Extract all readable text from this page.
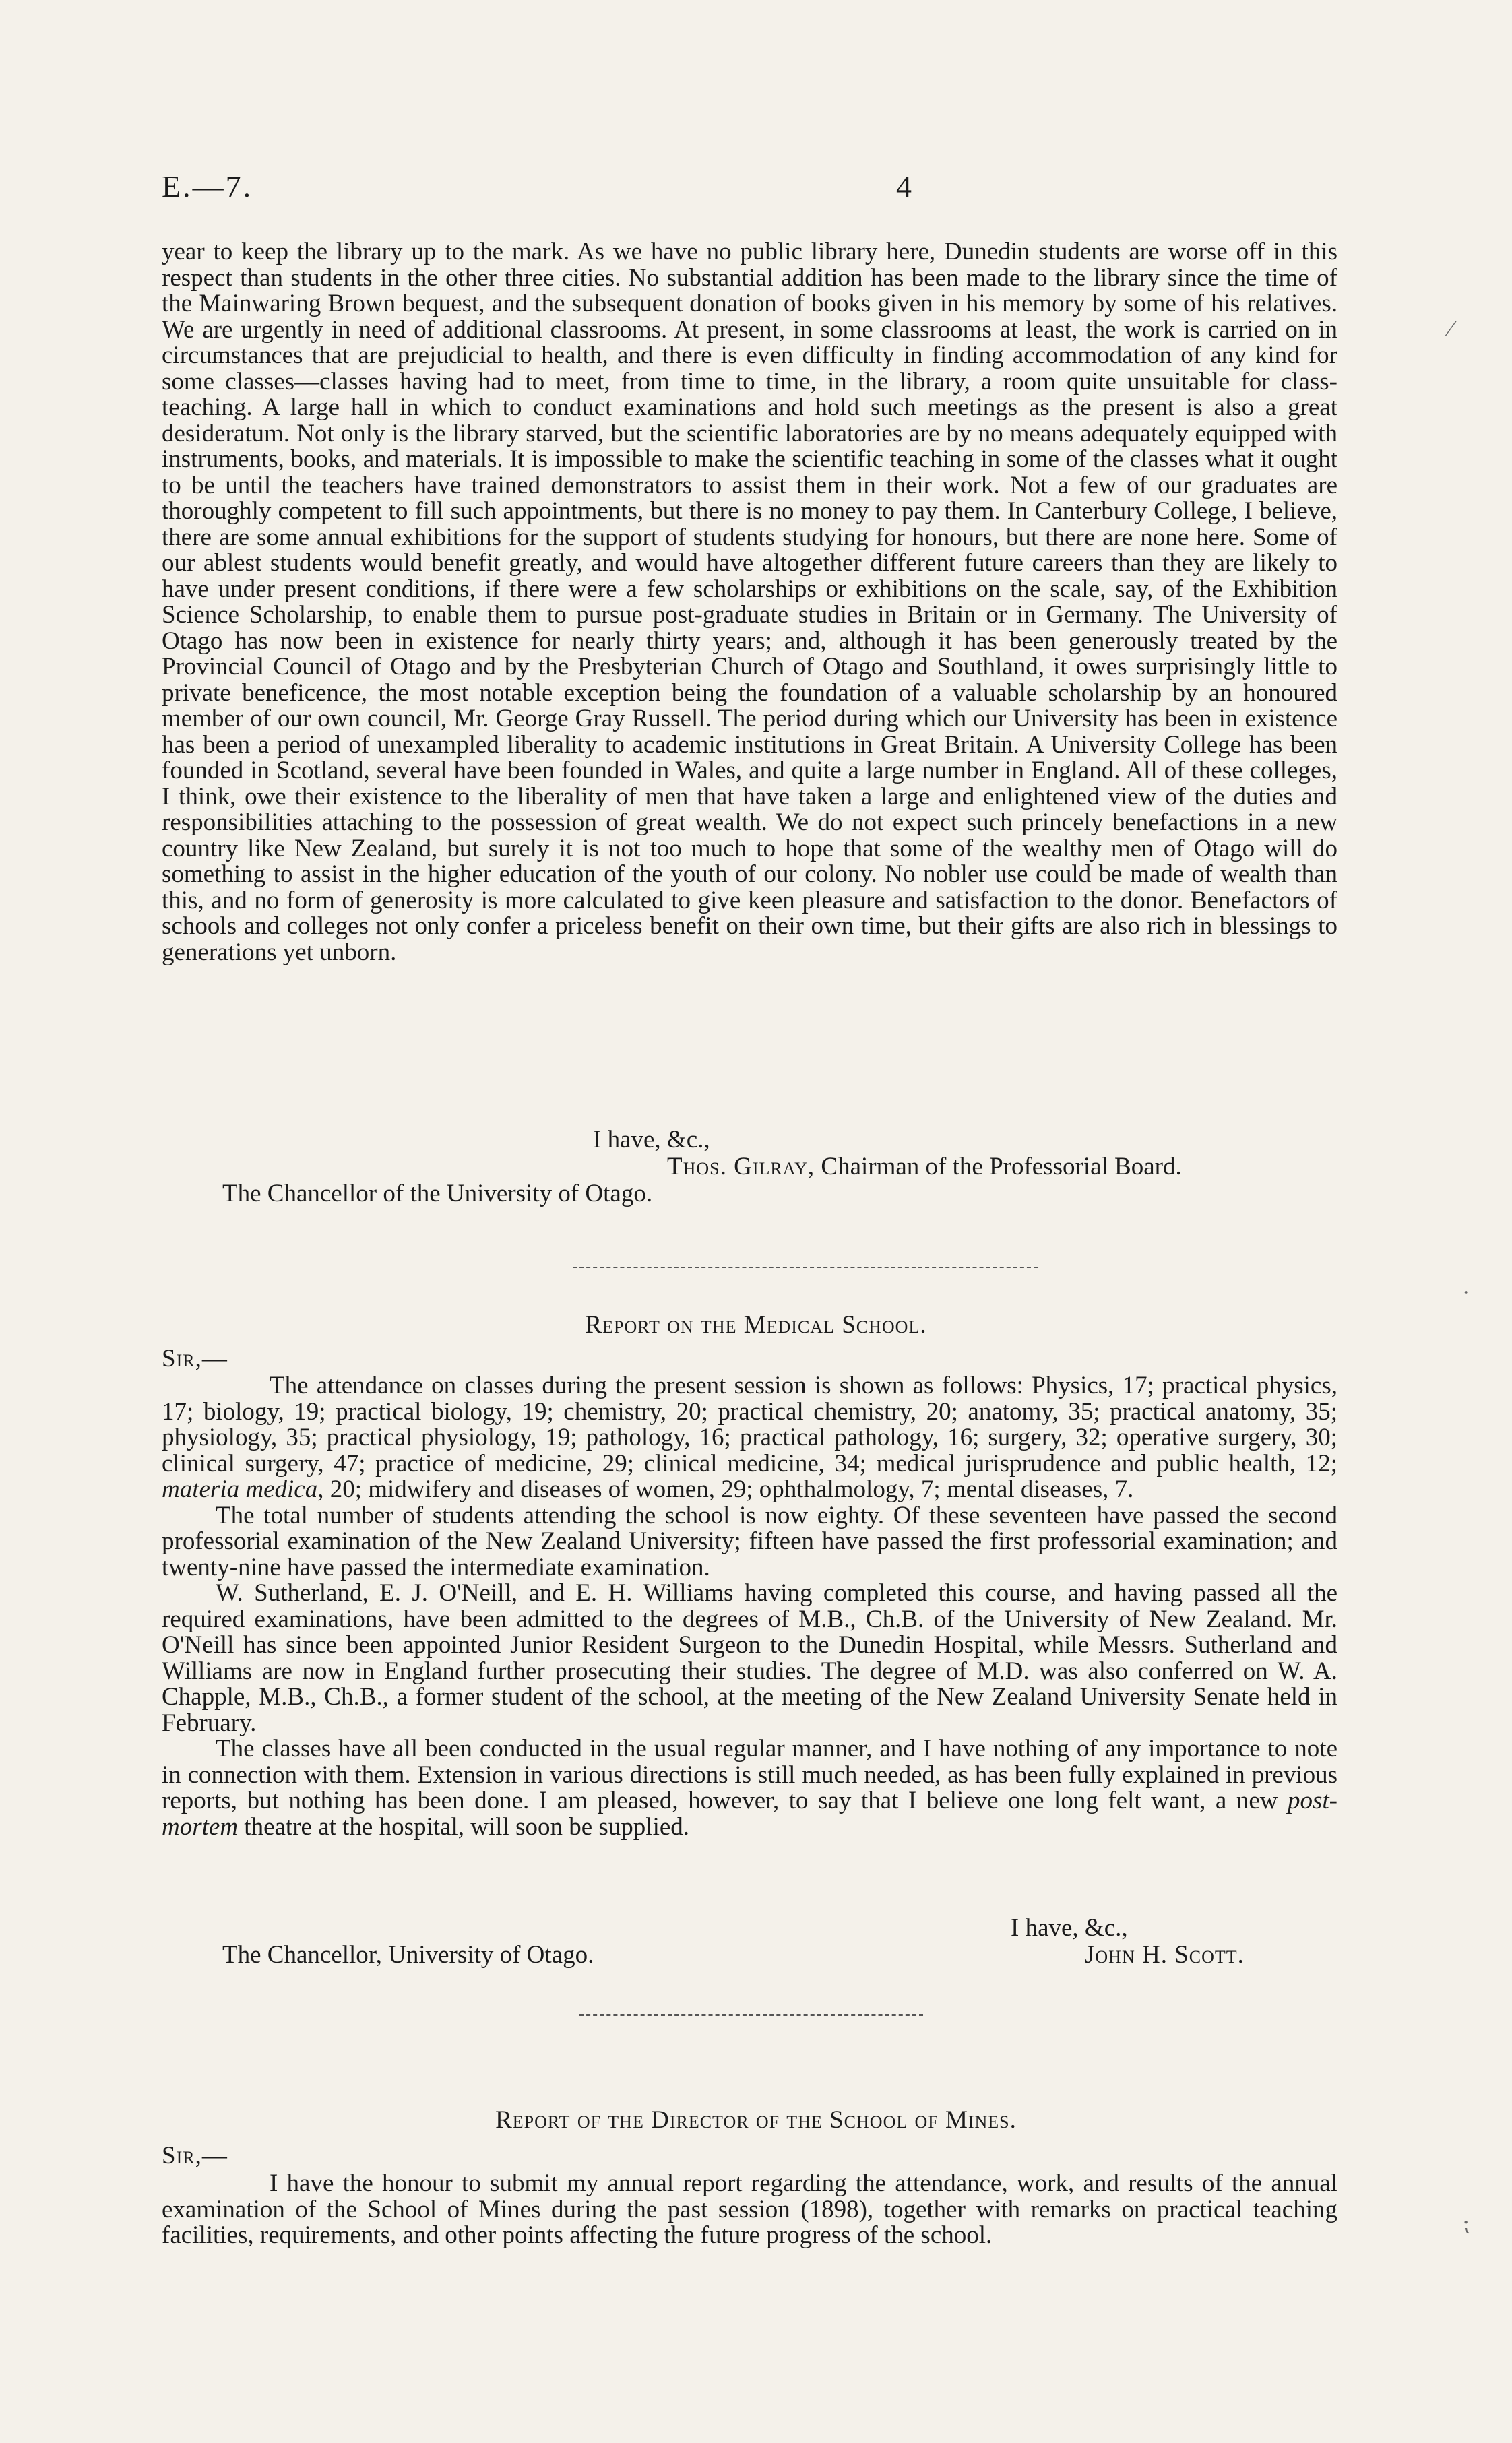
E.—7.	4

year to keep the library up to the mark. As we have no public library here, Dunedin students are worse off in this respect than students in the other three cities. No substantial addition has been made to the library since the time of the Mainwaring Brown bequest, and the subsequent donation of books given in his memory by some of his relatives. We are urgently in need of additional classrooms. At present, in some classrooms at least, the work is carried on in circumstances that are prejudicial to health, and there is even difficulty in finding accommodation of any kind for some classes—classes having had to meet, from time to time, in the library, a room quite unsuitable for class-teaching. A large hall in which to conduct examinations and hold such meetings as the present is also a great desideratum. Not only is the library starved, but the scientific laboratories are by no means adequately equipped with instruments, books, and materials. It is impossible to make the scientific teaching in some of the classes what it ought to be until the teachers have trained demonstrators to assist them in their work. Not a few of our graduates are thoroughly competent to fill such appointments, but there is no money to pay them. In Canterbury College, I believe, there are some annual exhibitions for the support of students studying for honours, but there are none here. Some of our ablest students would benefit greatly, and would have altogether different future careers than they are likely to have under present conditions, if there were a few scholarships or exhibitions on the scale, say, of the Exhibition Science Scholarship, to enable them to pursue post-graduate studies in Britain or in Germany. The University of Otago has now been in existence for nearly thirty years; and, although it has been generously treated by the Provincial Council of Otago and by the Presbyterian Church of Otago and Southland, it owes surprisingly little to private beneficence, the most notable exception being the foundation of a valuable scholarship by an honoured member of our own council, Mr. George Gray Russell. The period during which our University has been in existence has been a period of unexampled liberality to academic institutions in Great Britain. A University College has been founded in Scotland, several have been founded in Wales, and quite a large number in England. All of these colleges, I think, owe their existence to the liberality of men that have taken a large and enlightened view of the duties and responsibilities attaching to the possession of great wealth. We do not expect such princely benefactions in a new country like New Zealand, but surely it is not too much to hope that some of the wealthy men of Otago will do something to assist in the higher education of the youth of our colony. No nobler use could be made of wealth than this, and no form of generosity is more calculated to give keen pleasure and satisfaction to the donor. Benefactors of schools and colleges not only confer a priceless benefit on their own time, but their gifts are also rich in blessings to generations yet unborn.

I have, &c.,
Thos. Gilray, Chairman of the Professorial Board.
The Chancellor of the University of Otago.
Report on the Medical School.
Sir,—

The attendance on classes during the present session is shown as follows: Physics, 17; practical physics, 17; biology, 19; practical biology, 19; chemistry, 20; practical chemistry, 20; anatomy, 35; practical anatomy, 35; physiology, 35; practical physiology, 19; pathology, 16; practical pathology, 16; surgery, 32; operative surgery, 30; clinical surgery, 47; practice of medicine, 29; clinical medicine, 34; medical jurisprudence and public health, 12; materia medica, 20; midwifery and diseases of women, 29; ophthalmology, 7; mental diseases, 7.

The total number of students attending the school is now eighty. Of these seventeen have passed the second professorial examination of the New Zealand University; fifteen have passed the first professorial examination; and twenty-nine have passed the intermediate examination.

W. Sutherland, E. J. O'Neill, and E. H. Williams having completed this course, and having passed all the required examinations, have been admitted to the degrees of M.B., Ch.B. of the University of New Zealand. Mr. O'Neill has since been appointed Junior Resident Surgeon to the Dunedin Hospital, while Messrs. Sutherland and Williams are now in England further prosecuting their studies. The degree of M.D. was also conferred on W. A. Chapple, M.B., Ch.B., a former student of the school, at the meeting of the New Zealand University Senate held in February.

The classes have all been conducted in the usual regular manner, and I have nothing of any importance to note in connection with them. Extension in various directions is still much needed, as has been fully explained in previous reports, but nothing has been done. I am pleased, however, to say that I believe one long felt want, a new post-mortem theatre at the hospital, will soon be supplied.

I have, &c.,
The Chancellor, University of Otago.	John H. Scott.
Report of the Director of the School of Mines.
Sir,—

I have the honour to submit my annual report regarding the attendance, work, and results of the annual examination of the School of Mines during the past session (1898), together with remarks on practical teaching facilities, requirements, and other points affecting the future progress of the school.

⁄
·
⁏
